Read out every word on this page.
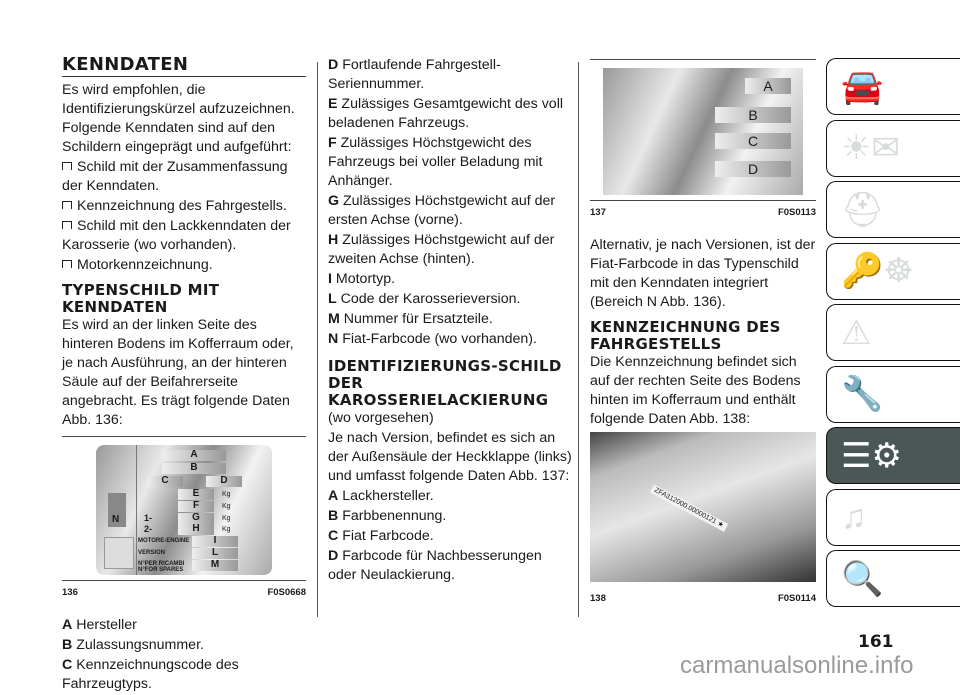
KENNDATEN

Es wird empfohlen, die Identifizierungskürzel aufzuzeichnen. Folgende Kenndaten sind auf den Schildern eingeprägt und aufgeführt:

Schild mit der Zusammenfassung der Kenndaten.

Kennzeichnung des Fahrgestells.

Schild mit den Lackkenndaten der Karosserie (wo vorhanden).

Motorkennzeichnung.

TYPENSCHILD MIT KENNDATEN

Es wird an der linken Seite des hinteren Bodens im Kofferraum oder, je nach Ausführung, an der hinteren Säule auf der Beifahrerseite angebracht. Es trägt folgende Daten Abb. 136:

A
B
C	D
E
F
G
H
Kg
Kg
Kg
Kg
1-
2-
N
MOTORE-ENGINE	I
VERSION	L
N°PER RICAMBI
N°FOR SPARES	M
136	F0S0668

A Hersteller

B Zulassungsnummer.

C Kennzeichnungscode des Fahrzeugtyps.

D Fortlaufende Fahrgestell-Seriennummer.

E Zulässiges Gesamtgewicht des voll beladenen Fahrzeugs.

F Zulässiges Höchstgewicht des Fahrzeugs bei voller Beladung mit Anhänger.

G Zulässiges Höchstgewicht auf der ersten Achse (vorne).

H Zulässiges Höchstgewicht auf der zweiten Achse (hinten).

I Motortyp.

L Code der Karosserieversion.

M Nummer für Ersatzteile.

N Fiat-Farbcode (wo vorhanden).

IDENTIFIZIERUNGS-SCHILD DER KAROSSERIELACKIERUNG

(wo vorgesehen)

Je nach Version, befindet es sich an der Außensäule der Heckklappe (links) und umfasst folgende Daten Abb. 137:

A Lackhersteller.

B Farbbenennung.

C Fiat Farbcode.

D Farbcode für Nachbesserungen oder Neulackierung.

A
B
C
D
137	F0S0113

Alternativ, je nach Versionen, ist der Fiat-Farbcode in das Typenschild mit den Kenndaten integriert (Bereich N Abb. 136).

KENNZEICHNUNG DES FAHRGESTELLS

Die Kennzeichnung befindet sich auf der rechten Seite des Bodens hinten im Kofferraum und enthält folgende Daten Abb. 138:

ZFA312000.00000121 ★
138	F0S0114
🚘
☀✉
⛑
🔑☸
⚠
🔧
☰⚙
♫
🔍
161
carmanualsonline.info
